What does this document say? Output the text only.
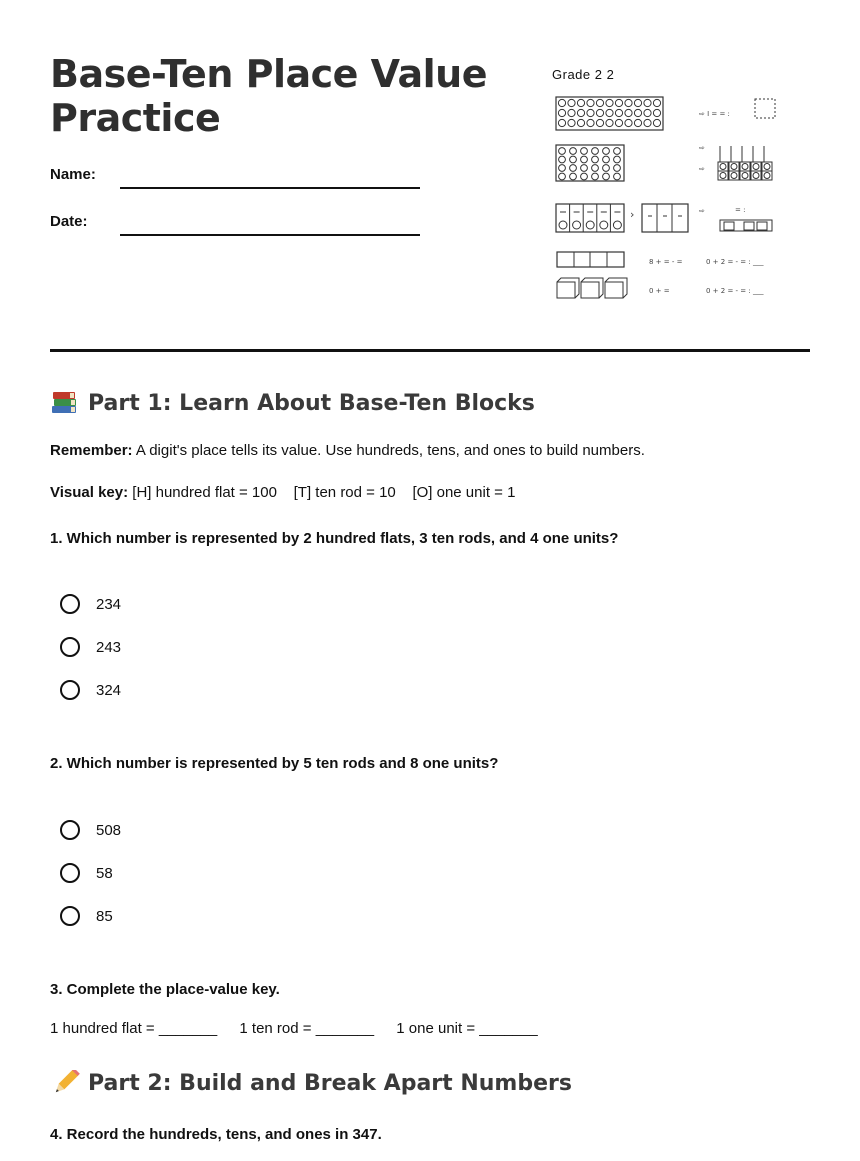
Base-Ten Place Value Practice
Name:
Date:
Grade 2 2
⇨ I = = :
⇨
⇨
›	⇨	= :
8 + = - =	0 + 2 = - = : ___
0 + =	0 + 2 = - = : ___
Part 1: Learn About Base-Ten Blocks
Remember: A digit's place tells its value. Use hundreds, tens, and ones to build numbers.
Visual key: [H] hundred flat = 100    [T] ten rod = 10    [O] one unit = 1
1. Which number is represented by 2 hundred flats, 3 ten rods, and 4 one units?
234
243
324
2. Which number is represented by 5 ten rods and 8 one units?
508
58
85
3. Complete the place-value key.
1 hundred flat = _______ 1 ten rod = _______ 1 one unit = _______
Part 2: Build and Break Apart Numbers
4. Record the hundreds, tens, and ones in 347.
